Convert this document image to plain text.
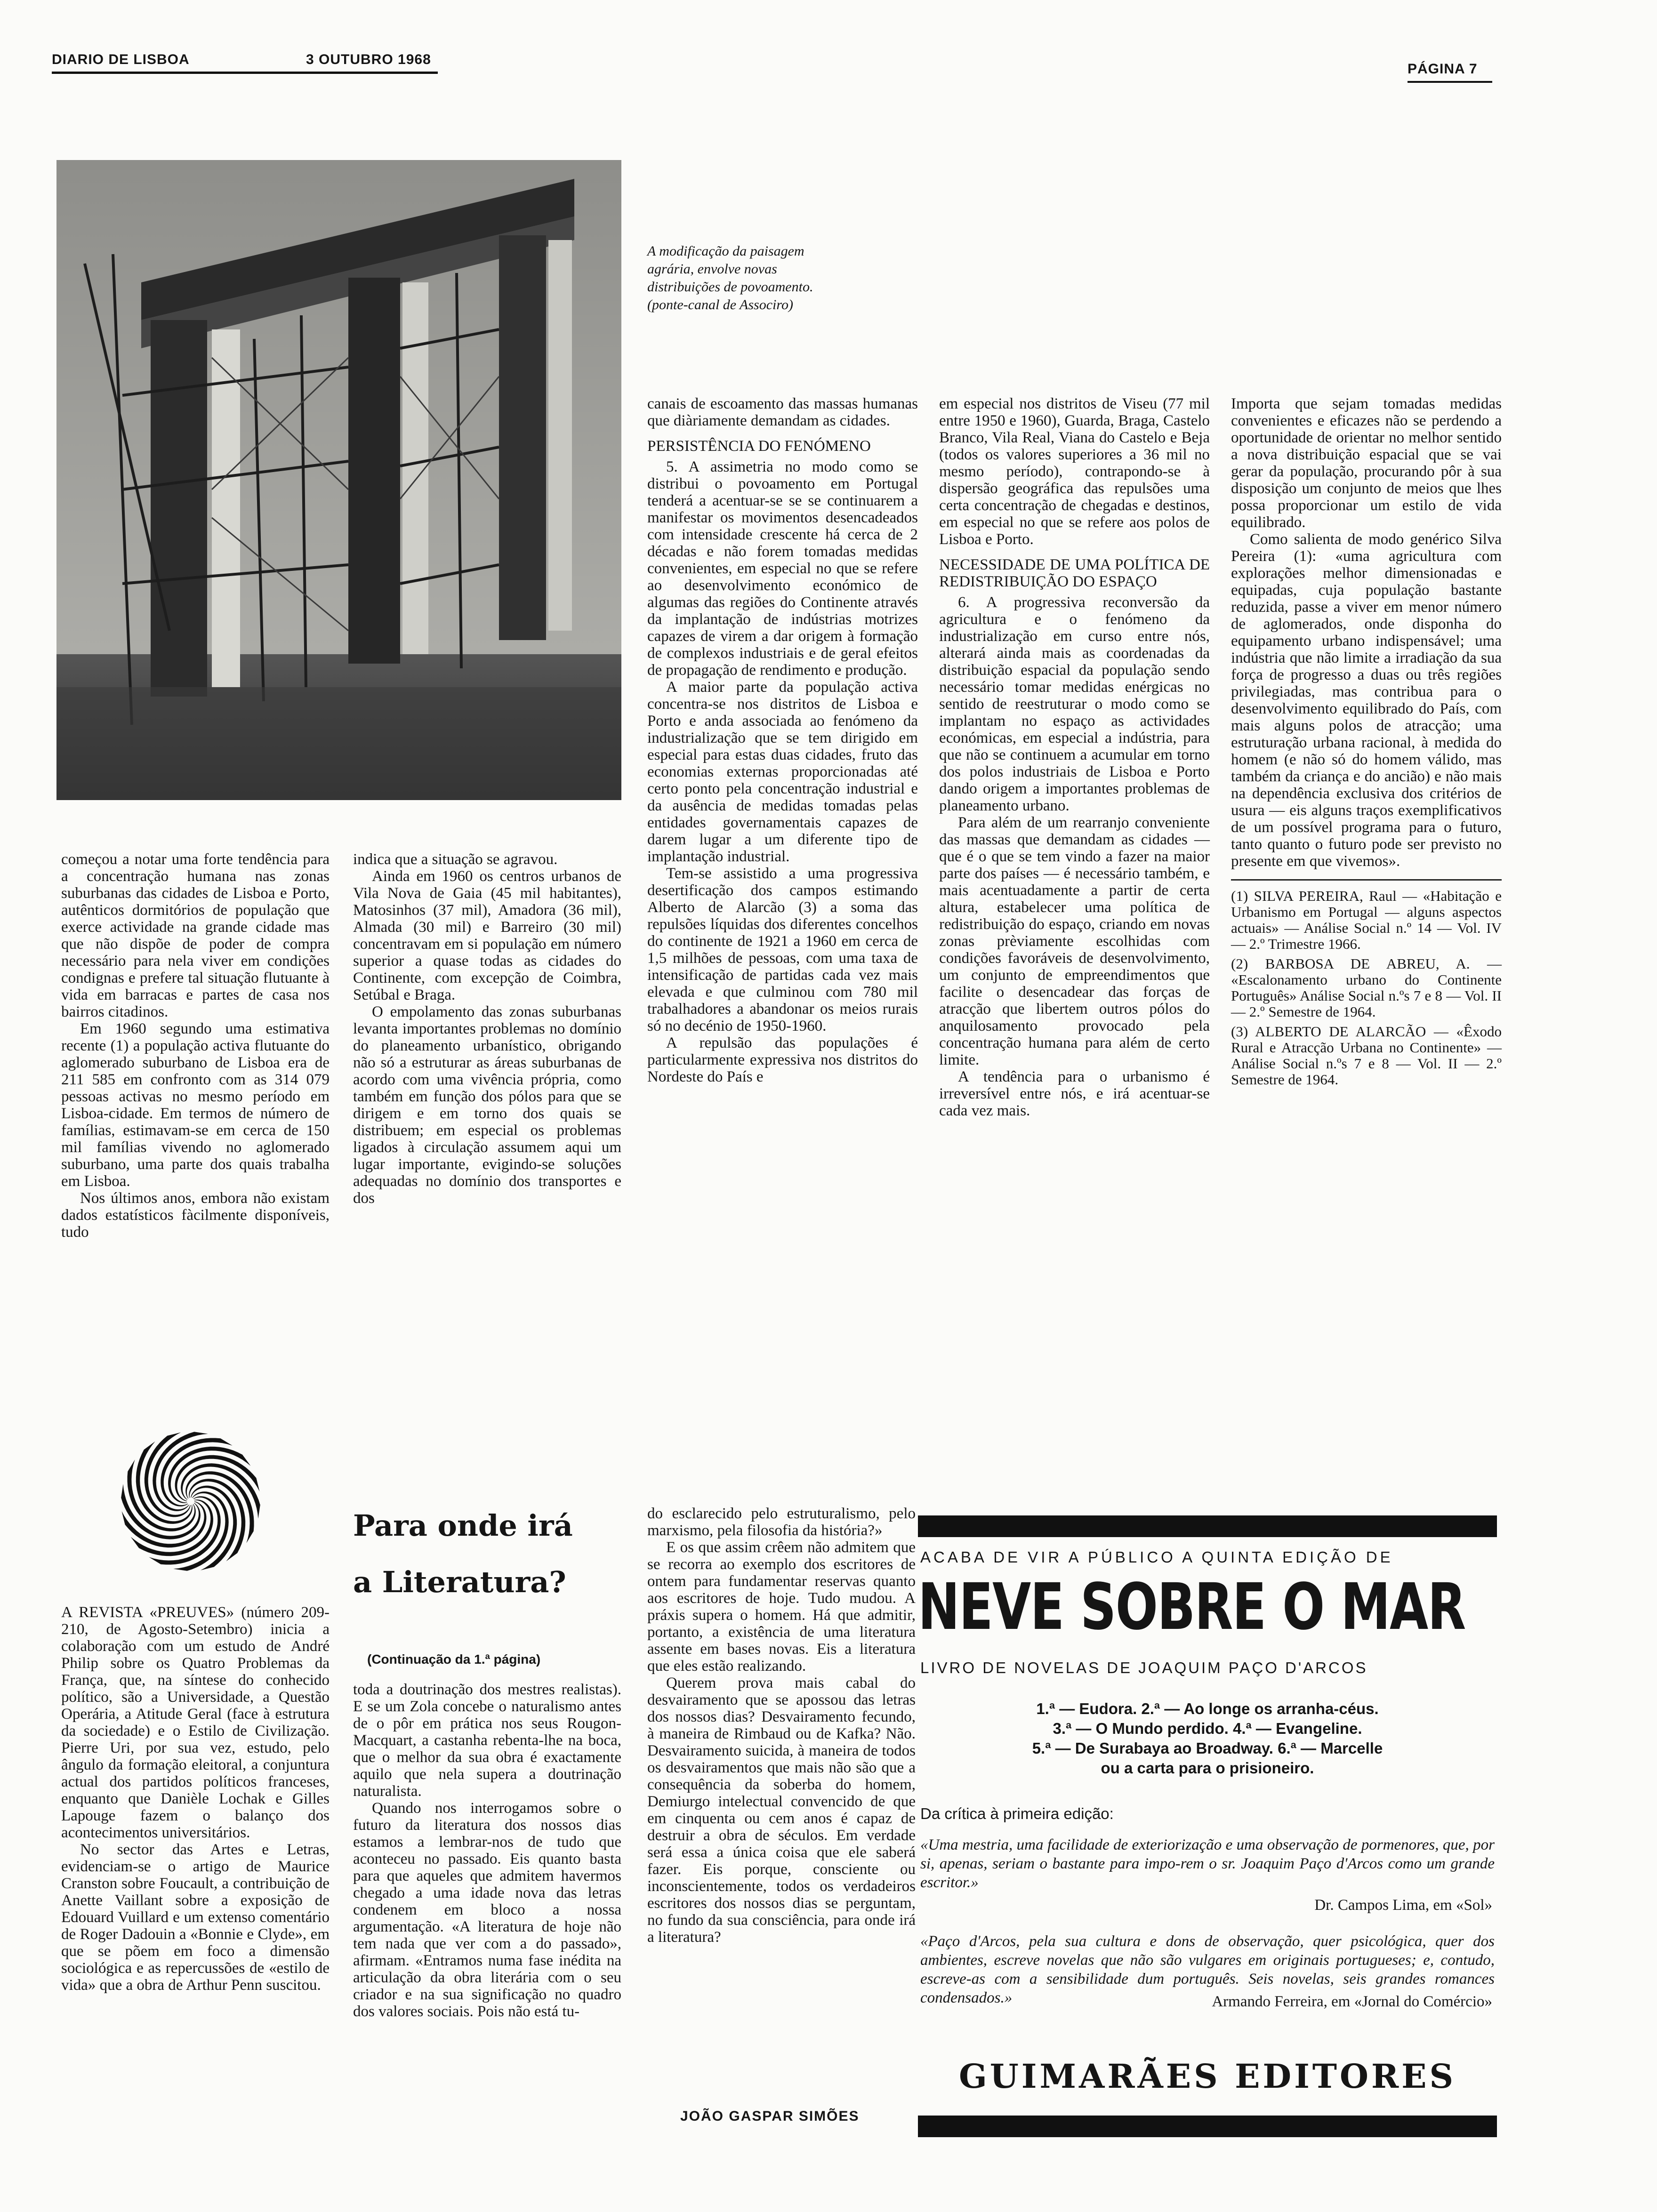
DIARIO DE LISBOA	3 OUTUBRO 1968
PÁGINA 7
A modificação da paisagem
agrária, envolve novas
distribuições de povoamento.
(ponte-canal de Associro)

começou a notar uma forte tendência para a concentração humana nas zonas suburbanas das cidades de Lisboa e Porto, autênticos dormitórios de população que exerce actividade na grande cidade mas que não dispõe de poder de compra necessário para nela viver em condições condignas e prefere tal situação flutuante à vida em barracas e partes de casa nos bairros citadinos.

Em 1960 segundo uma estimativa recente (1) a população activa flutuante do aglomerado suburbano de Lisboa era de 211 585 em confronto com as 314 079 pessoas activas no mesmo período em Lisboa-cidade. Em termos de número de famílias, estimavam-se em cerca de 150 mil famílias vivendo no aglomerado suburbano, uma parte dos quais trabalha em Lisboa.

Nos últimos anos, embora não existam dados estatísticos fàcilmente disponíveis, tudo

indica que a situação se agravou.

Ainda em 1960 os centros urbanos de Vila Nova de Gaia (45 mil habitantes), Matosinhos (37 mil), Amadora (36 mil), Almada (30 mil) e Barreiro (30 mil) concentravam em si população em número superior a quase todas as cidades do Continente, com excepção de Coimbra, Setúbal e Braga.

O empolamento das zonas suburbanas levanta importantes problemas no domínio do planeamento urbanístico, obrigando não só a estruturar as áreas suburbanas de acordo com uma vivência própria, como também em função dos pólos para que se dirigem e em torno dos quais se distribuem; em especial os problemas ligados à circulação assumem aqui um lugar importante, evigindo-se soluções adequadas no domínio dos transportes e dos

canais de escoamento das massas humanas que diàriamente demandam as cidades.

PERSISTÊNCIA DO FENÓMENO

5. A assimetria no modo como se distribui o povoamento em Portugal tenderá a acentuar-se se se continuarem a manifestar os movimentos desencadeados com intensidade crescente há cerca de 2 décadas e não forem tomadas medidas convenientes, em especial no que se refere ao desenvolvimento económico de algumas das regiões do Continente através da implantação de indústrias motrizes capazes de virem a dar origem à formação de complexos industriais e de geral efeitos de propagação de rendimento e produção.

A maior parte da população activa concentra-se nos distritos de Lisboa e Porto e anda associada ao fenómeno da industrialização que se tem dirigido em especial para estas duas cidades, fruto das economias externas proporcionadas até certo ponto pela concentração industrial e da ausência de medidas tomadas pelas entidades governamentais capazes de darem lugar a um diferente tipo de implantação industrial.

Tem-se assistido a uma progressiva desertificação dos campos estimando Alberto de Alarcão (3) a soma das repulsões líquidas dos diferentes concelhos do continente de 1921 a 1960 em cerca de 1,5 milhões de pessoas, com uma taxa de intensificação de partidas cada vez mais elevada e que culminou com 780 mil trabalhadores a abandonar os meios rurais só no decénio de 1950-1960.

A repulsão das populações é particularmente expressiva nos distritos do Nordeste do País e

em especial nos distritos de Viseu (77 mil entre 1950 e 1960), Guarda, Braga, Castelo Branco, Vila Real, Viana do Castelo e Beja (todos os valores superiores a 36 mil no mesmo período), contrapondo-se à dispersão geográfica das repulsões uma certa concentração de chegadas e destinos, em especial no que se refere aos polos de Lisboa e Porto.

NECESSIDADE DE UMA POLÍTICA DE REDISTRIBUIÇÃO DO ESPAÇO

6. A progressiva reconversão da agricultura e o fenómeno da industrialização em curso entre nós, alterará ainda mais as coordenadas da distribuição espacial da população sendo necessário tomar medidas enérgicas no sentido de reestruturar o modo como se implantam no espaço as actividades económicas, em especial a indústria, para que não se continuem a acumular em torno dos polos industriais de Lisboa e Porto dando origem a importantes problemas de planeamento urbano.

Para além de um rearranjo conveniente das massas que demandam as cidades — que é o que se tem vindo a fazer na maior parte dos países — é necessário também, e mais acentuadamente a partir de certa altura, estabelecer uma política de redistribuição do espaço, criando em novas zonas prèviamente escolhidas com condições favoráveis de desenvolvimento, um conjunto de empreendimentos que facilite o desencadear das forças de atracção que libertem outros pólos do anquilosamento provocado pela concentração humana para além de certo limite.

A tendência para o urbanismo é irreversível entre nós, e irá acentuar-se cada vez mais.

Importa que sejam tomadas medidas convenientes e eficazes não se perdendo a oportunidade de orientar no melhor sentido a nova distribuição espacial que se vai gerar da população, procurando pôr à sua disposição um conjunto de meios que lhes possa proporcionar um estilo de vida equilibrado.

Como salienta de modo genérico Silva Pereira (1): «uma agricultura com explorações melhor dimensionadas e equipadas, cuja população bastante reduzida, passe a viver em menor número de aglomerados, onde disponha do equipamento urbano indispensável; uma indústria que não limite a irradiação da sua força de progresso a duas ou três regiões privilegiadas, mas contribua para o desenvolvimento equilibrado do País, com mais alguns polos de atracção; uma estruturação urbana racional, à medida do homem (e não só do homem válido, mas também da criança e do ancião) e não mais na dependência exclusiva dos critérios de usura — eis alguns traços exemplificativos de um possível programa para o futuro, tanto quanto o futuro pode ser previsto no presente em que vivemos».

(1) SILVA PEREIRA, Raul — «Habitação e Urbanismo em Portugal — alguns aspectos actuais» — Análise Social n.º 14 — Vol. IV — 2.º Trimestre 1966.

(2) BARBOSA DE ABREU, A. — «Escalonamento urbano do Continente Português» Análise Social n.ºs 7 e 8 — Vol. II — 2.º Semestre de 1964.

(3) ALBERTO DE ALARCÃO — «Êxodo Rural e Atracção Urbana no Continente» — Análise Social n.ºs 7 e 8 — Vol. II — 2.º Semestre de 1964.

Para onde irá
a Literatura?
(Continuação da 1.ª página)

A REVISTA «PREUVES» (número 209-210, de Agosto-Setembro) inicia a colaboração com um estudo de André Philip sobre os Quatro Problemas da França, que, na síntese do conhecido político, são a Universidade, a Questão Operária, a Atitude Geral (face à estrutura da sociedade) e o Estilo de Civilização. Pierre Uri, por sua vez, estudo, pelo ângulo da formação eleitoral, a conjuntura actual dos partidos políticos franceses, enquanto que Danièle Lochak e Gilles Lapouge fazem o balanço dos acontecimentos universitários.

No sector das Artes e Letras, evidenciam-se o artigo de Maurice Cranston sobre Foucault, a contribuição de Anette Vaillant sobre a exposição de Edouard Vuillard e um extenso comentário de Roger Dadouin a «Bonnie e Clyde», em que se põem em foco a dimensão sociológica e as repercussões de «estilo de vida» que a obra de Arthur Penn suscitou.

toda a doutrinação dos mestres realistas). E se um Zola concebe o naturalismo antes de o pôr em prática nos seus Rougon-Macquart, a castanha rebenta-lhe na boca, que o melhor da sua obra é exactamente aquilo que nela supera a doutrinação naturalista.

Quando nos interrogamos sobre o futuro da literatura dos nossos dias estamos a lembrar-nos de tudo que aconteceu no passado. Eis quanto basta para que aqueles que admitem havermos chegado a uma idade nova das letras condenem em bloco a nossa argumentação. «A literatura de hoje não tem nada que ver com a do passado», afirmam. «Entramos numa fase inédita na articulação da obra literária com o seu criador e na sua significação no quadro dos valores sociais. Pois não está tu-

do esclarecido pelo estruturalismo, pelo marxismo, pela filosofia da história?»

E os que assim crêem não admitem que se recorra ao exemplo dos escritores de ontem para fundamentar reservas quanto aos escritores de hoje. Tudo mudou. A práxis supera o homem. Há que admitir, portanto, a existência de uma literatura assente em bases novas. Eis a literatura que eles estão realizando.

Querem prova mais cabal do desvairamento que se apossou das letras dos nossos dias? Desvairamento fecundo, à maneira de Rimbaud ou de Kafka? Não. Desvairamento suicida, à maneira de todos os desvairamentos que mais não são que a consequência da soberba do homem, Demiurgo intelectual convencido de que em cinquenta ou cem anos é capaz de destruir a obra de séculos. Em verdade será essa a única coisa que ele saberá fazer. Eis porque, consciente ou inconscientemente, todos os verdadeiros escritores dos nossos dias se perguntam, no fundo da sua consciência, para onde irá a literatura?

JOÃO GASPAR SIMÕES
ACABA DE VIR A PÚBLICO A QUINTA EDIÇÃO DE
NEVE SOBRE O MAR
LIVRO DE NOVELAS DE JOAQUIM PAÇO D'ARCOS
1.ª — Eudora. 2.ª — Ao longe os arranha-céus.
3.ª — O Mundo perdido. 4.ª — Evangeline.
5.ª — De Surabaya ao Broadway. 6.ª — Marcelle
ou a carta para o prisioneiro.
Da crítica à primeira edição:
«Uma mestria, uma facilidade de exteriorização e uma observação de pormenores, que, por si, apenas, seriam o bastante para impo-rem o sr. Joaquim Paço d'Arcos como um grande escritor.»
Dr. Campos Lima, em «Sol»
«Paço d'Arcos, pela sua cultura e dons de observação, quer psicológica, quer dos ambientes, escreve novelas que não são vulgares em originais portugueses; e, contudo, escreve-as com a sensibilidade dum português. Seis novelas, seis grandes romances condensados.»	Armando Ferreira, em «Jornal do Comércio»
GUIMARÃES EDITORES
